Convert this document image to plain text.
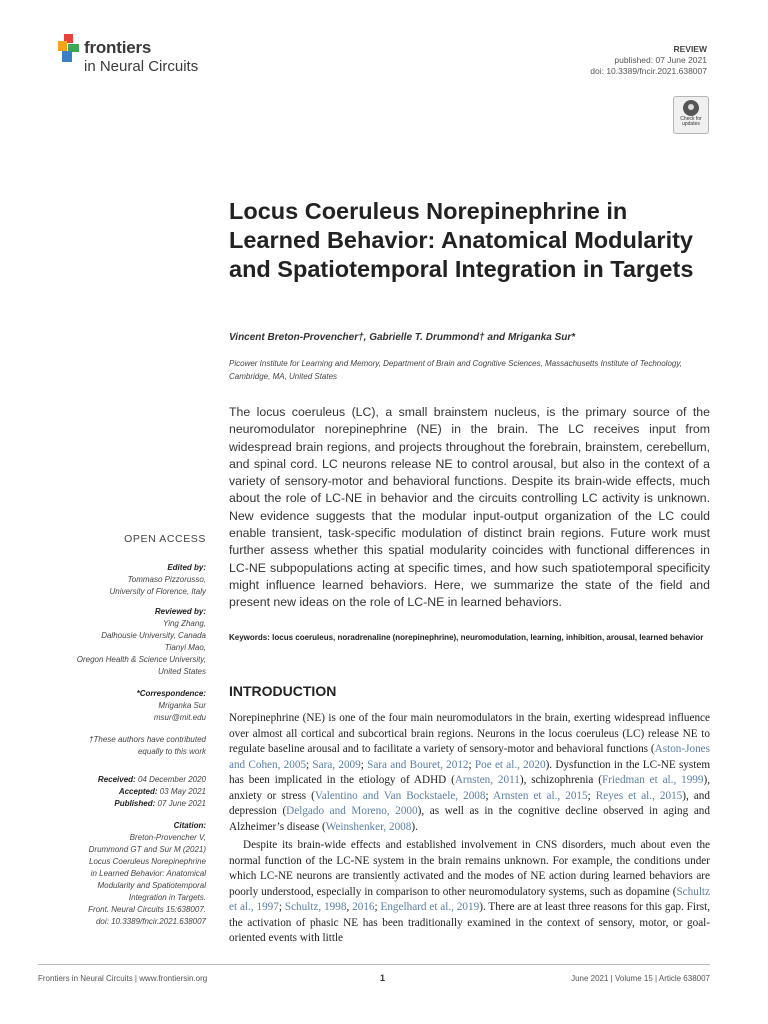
frontiers
in Neural Circuits
REVIEW
published: 07 June 2021
doi: 10.3389/fncir.2021.638007
Check for updates
Locus Coeruleus Norepinephrine in Learned Behavior: Anatomical Modularity and Spatiotemporal Integration in Targets
Vincent Breton-Provencher†, Gabrielle T. Drummond† and Mriganka Sur*
Picower Institute for Learning and Memory, Department of Brain and Cognitive Sciences, Massachusetts Institute of Technology, Cambridge, MA, United States
The locus coeruleus (LC), a small brainstem nucleus, is the primary source of the neuromodulator norepinephrine (NE) in the brain. The LC receives input from widespread brain regions, and projects throughout the forebrain, brainstem, cerebellum, and spinal cord. LC neurons release NE to control arousal, but also in the context of a variety of sensory-motor and behavioral functions. Despite its brain-wide effects, much about the role of LC-NE in behavior and the circuits controlling LC activity is unknown. New evidence suggests that the modular input-output organization of the LC could enable transient, task-specific modulation of distinct brain regions. Future work must further assess whether this spatial modularity coincides with functional differences in LC-NE subpopulations acting at specific times, and how such spatiotemporal specificity might influence learned behaviors. Here, we summarize the state of the field and present new ideas on the role of LC-NE in learned behaviors.
Keywords: locus coeruleus, noradrenaline (norepinephrine), neuromodulation, learning, inhibition, arousal, learned behavior
INTRODUCTION

Norepinephrine (NE) is one of the four main neuromodulators in the brain, exerting widespread influence over almost all cortical and subcortical brain regions. Neurons in the locus coeruleus (LC) release NE to regulate baseline arousal and to facilitate a variety of sensory-motor and behavioral functions (Aston-Jones and Cohen, 2005; Sara, 2009; Sara and Bouret, 2012; Poe et al., 2020). Dysfunction in the LC-NE system has been implicated in the etiology of ADHD (Arnsten, 2011), schizophrenia (Friedman et al., 1999), anxiety or stress (Valentino and Van Bockstaele, 2008; Arnsten et al., 2015; Reyes et al., 2015), and depression (Delgado and Moreno, 2000), as well as in the cognitive decline observed in aging and Alzheimer’s disease (Weinshenker, 2008).

Despite its brain-wide effects and established involvement in CNS disorders, much about even the normal function of the LC-NE system in the brain remains unknown. For example, the conditions under which LC-NE neurons are transiently activated and the modes of NE action during learned behaviors are poorly understood, especially in comparison to other neuromodulatory systems, such as dopamine (Schultz et al., 1997; Schultz, 1998, 2016; Engelhard et al., 2019). There are at least three reasons for this gap. First, the activation of phasic NE has been traditionally examined in the context of sensory, motor, or goal-oriented events with little

OPEN ACCESS
Edited by:
Tommaso Pizzorusso,
University of Florence, Italy
Reviewed by:
Ying Zhang,
Dalhousie University, Canada
Tianyi Mao,
Oregon Health & Science University,
United States
*Correspondence:
Mriganka Sur
msur@mit.edu
†These authors have contributed
equally to this work
Received: 04 December 2020
Accepted: 03 May 2021
Published: 07 June 2021
Citation:
Breton-Provencher V,
Drummond GT and Sur M (2021)
Locus Coeruleus Norepinephrine
in Learned Behavior: Anatomical
Modularity and Spatiotemporal
Integration in Targets.
Front. Neural Circuits 15:638007.
doi: 10.3389/fncir.2021.638007
Frontiers in Neural Circuits | www.frontiersin.org	1	June 2021 | Volume 15 | Article 638007
